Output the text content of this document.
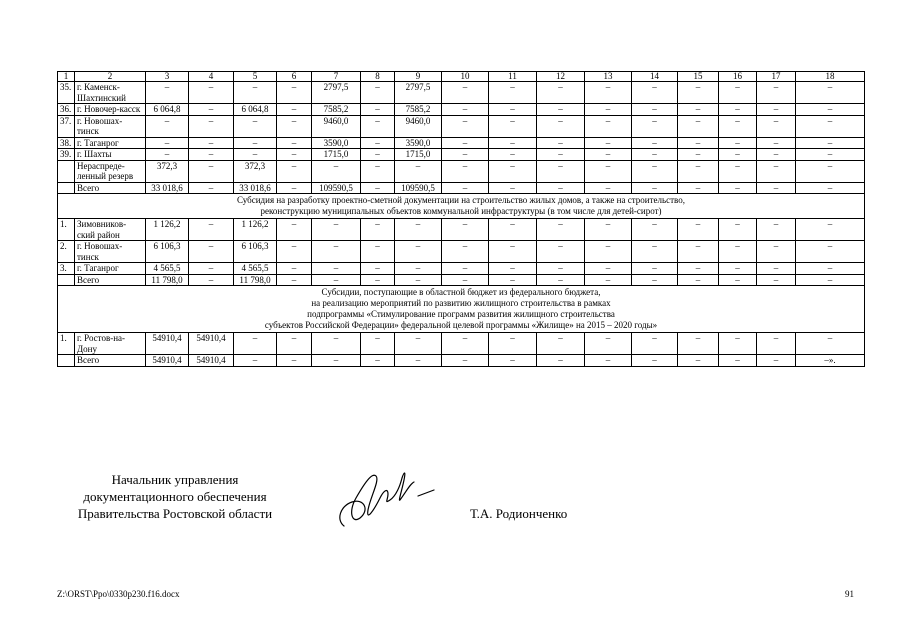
1	2	3	4	5	6	7	8	9	10	11	12	13	14	15	16	17	18
35.	г. Каменск-Шахтинский	–	–	–	–	2797,5	–	2797,5	–	–	–	–	–	–	–	–	–
36.	г. Новочер-касск	6 064,8	–	6 064,8	–	7585,2	–	7585,2	–	–	–	–	–	–	–	–	–
37.	г. Новошах-тинск	–	–	–	–	9460,0	–	9460,0	–	–	–	–	–	–	–	–	–
38.	г. Таганрог	–	–	–	–	3590,0	–	3590,0	–	–	–	–	–	–	–	–	–
39.	г. Шахты	–	–	–	–	1715,0	–	1715,0	–	–	–	–	–	–	–	–	–
	Нераспреде-ленный резерв	372,3	–	372,3	–	–	–	–	–	–	–	–	–	–	–	–	–
	Всего	33 018,6	–	33 018,6	–	109590,5	–	109590,5	–	–	–	–	–	–	–	–	–

Субсидия на разработку проектно-сметной документации на строительство жилых домов, а также на строительство,
реконструкцию муниципальных объектов коммунальной инфраструктуры (в том числе для детей-сирот)																	

1.	Зимовников-ский район	1 126,2	–	1 126,2	–	–	–	–	–	–	–	–	–	–	–	–	–
2.	г. Новошах-тинск	6 106,3	–	6 106,3	–	–	–	–	–	–	–	–	–	–	–	–	–
3.	г. Таганрог	4 565,5	–	4 565,5	–	–	–	–	–	–	–	–	–	–	–	–	–
	Всего	11 798,0	–	11 798,0	–	–	–	–	–	–	–	–	–	–	–	–	–

Субсидии, поступающие в областной бюджет из федерального бюджета,
на реализацию мероприятий по развитию жилищного строительства в рамках
подпрограммы «Стимулирование программ развития жилищного строительства
субъектов Российской Федерации» федеральной целевой программы «Жилище» на 2015 – 2020 годы»																	

1.	г. Ростов-на-Дону	54910,4	54910,4	–	–	–	–	–	–	–	–	–	–	–	–	–	–
	Всего	54910,4	54910,4	–	–	–	–	–	–	–	–	–	–	–	–	–	–».
Начальник управления
документационного обеспечения
Правительства Ростовской области	Т.А. Родионченко
Z:\ORST\Ppo\0330p230.f16.docx	91
